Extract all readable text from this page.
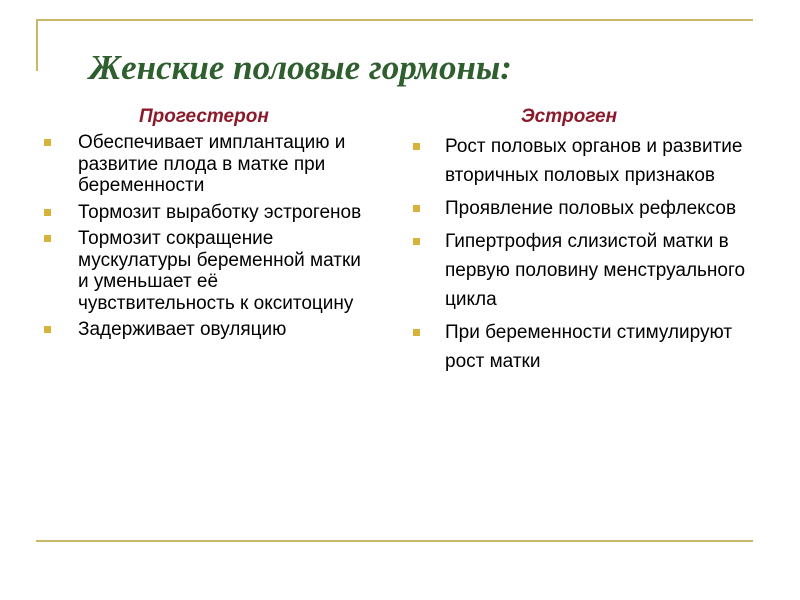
Женские половые гормоны:
Прогестерон
Обеспечивает имплантацию и развитие плода в матке при беременности
Тормозит выработку эстрогенов
Тормозит сокращение мускулатуры беременной матки и уменьшает её чувствительность к окситоцину
Задерживает овуляцию
Эстроген
Рост половых органов и развитие вторичных половых признаков
Проявление половых рефлексов
Гипертрофия слизистой матки в первую половину менструального цикла
При беременности стимулируют рост матки
